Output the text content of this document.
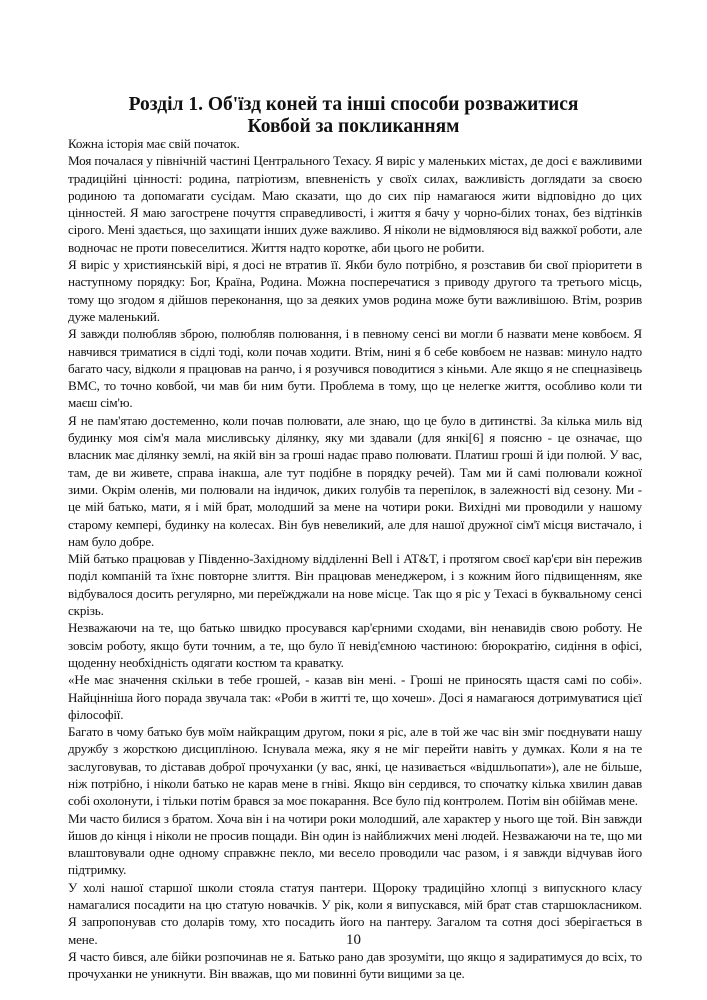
Розділ 1. Об'їзд коней та інші способи розважитися
Ковбой за покликанням

Кожна історія має свій початок.

Моя почалася у північній частині Центрального Техасу. Я виріс у маленьких містах, де досі є важливими традиційні цінності: родина, патріотизм, впевненість у своїх силах, важливість доглядати за своєю родиною та допомагати сусідам. Маю сказати, що до сих пір намагаюся жити відповідно до цих цінностей. Я маю загострене почуття справедливості, і життя я бачу у чорно-білих тонах, без відтінків сірого. Мені здається, що захищати інших дуже важливо. Я ніколи не відмовляюся від важкої роботи, але водночас не проти повеселитися. Життя надто коротке, аби цього не робити.

Я виріс у християнській вірі, я досі не втратив її. Якби було потрібно, я розставив би свої пріоритети в наступному порядку: Бог, Країна, Родина. Можна посперечатися з приводу другого та третього місць, тому що згодом я дійшов переконання, що за деяких умов родина може бути важливішою. Втім, розрив дуже маленький.

Я завжди полюбляв зброю, полюбляв полювання, і в певному сенсі ви могли б назвати мене ковбоєм. Я навчився триматися в сідлі тоді, коли почав ходити. Втім, нині я б себе ковбоєм не назвав: минуло надто багато часу, відколи я працював на ранчо, і я розучився поводитися з кіньми. Але якщо я не спецназівець ВМС, то точно ковбой, чи мав би ним бути. Проблема в тому, що це нелегке життя, особливо коли ти маєш сім'ю.

Я не пам'ятаю достеменно, коли почав полювати, але знаю, що це було в дитинстві. За кілька миль від будинку моя сім'я мала мисливську ділянку, яку ми здавали (для янкі[6] я поясню - це означає, що власник має ділянку землі, на якій він за гроші надає право полювати. Платиш гроші й іди полюй. У вас, там, де ви живете, справа інакша, але тут подібне в порядку речей). Там ми й самі полювали кожної зими. Окрім оленів, ми полювали на індичок, диких голубів та перепілок, в залежності від сезону. Ми - це мій батько, мати, я і мій брат, молодший за мене на чотири роки. Вихідні ми проводили у нашому старому кемпері, будинку на колесах. Він був невеликий, але для нашої дружної сім'ї місця вистачало, і нам було добре.

Мій батько працював у Південно-Західному відділенні Bell і AT&T, і протягом своєї кар'єри він пережив поділ компаній та їхнє повторне злиття. Він працював менеджером, і з кожним його підвищенням, яке відбувалося досить регулярно, ми переїжджали на нове місце. Так що я ріс у Техасі в буквальному сенсі скрізь.

Незважаючи на те, що батько швидко просувався кар'єрними сходами, він ненавидів свою роботу. Не зовсім роботу, якщо бути точним, а те, що було її невід'ємною частиною: бюрократію, сидіння в офісі, щоденну необхідність одягати костюм та краватку.

«Не має значення скільки в тебе грошей, - казав він мені. - Гроші не приносять щастя самі по собі». Найцінніша його порада звучала так: «Роби в житті те, що хочеш». Досі я намагаюся дотримуватися цієї філософії.

Багато в чому батько був моїм найкращим другом, поки я ріс, але в той же час він зміг поєднувати нашу дружбу з жорсткою дисципліною. Існувала межа, яку я не міг перейти навіть у думках. Коли я на те заслуговував, то діставав доброї прочуханки (у вас, янкі, це називається «відшльопати»), але не більше, ніж потрібно, і ніколи батько не карав мене в гніві. Якщо він сердився, то спочатку кілька хвилин давав собі охолонути, і тільки потім брався за моє покарання. Все було під контролем. Потім він обіймав мене.

Ми часто билися з братом. Хоча він і на чотири роки молодший, але характер у нього ще той. Він завжди йшов до кінця і ніколи не просив пощади. Він один із найближчих мені людей. Незважаючи на те, що ми влаштовували одне одному справжнє пекло, ми весело проводили час разом, і я завжди відчував його підтримку.

У холі нашої старшої школи стояла статуя пантери. Щороку традиційно хлопці з випускного класу намагалися посадити на цю статую новачків. У рік, коли я випускався, мій брат став старшокласником. Я запропонував сто доларів тому, хто посадить його на пантеру. Загалом та сотня досі зберігається в мене.

Я часто бився, але бійки розпочинав не я. Батько рано дав зрозуміти, що якщо я задиратимуся до всіх, то прочуханки не уникнути. Він вважав, що ми повинні бути вищими за це.

10
